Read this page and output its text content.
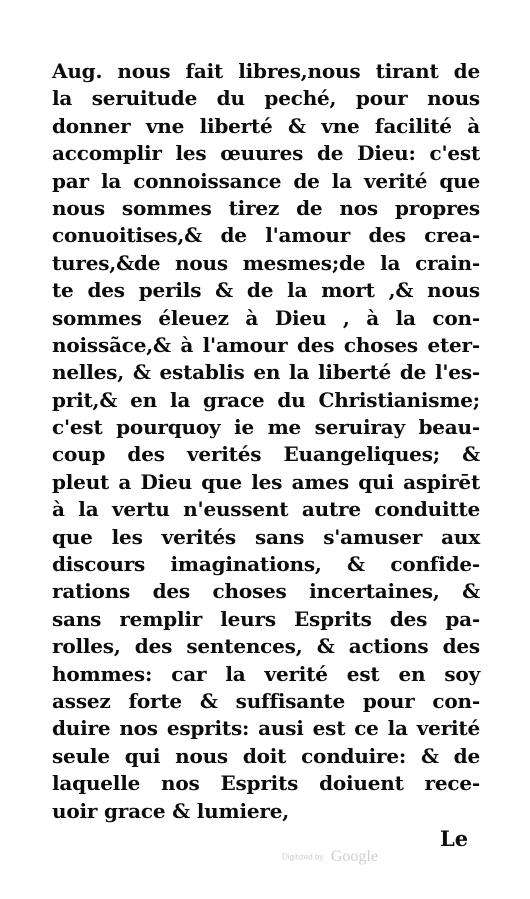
Aug. nous fait libres,nous tirant de
la seruitude du peché, pour nous
donner vne liberté & vne facilité à
accomplir les œuures de Dieu: c'est
par la connoissance de la verité que
nous sommes tirez de nos propres
conuoitises,& de l'amour des crea-
tures,&de nous mesmes;de la crain-
te des perils & de la mort ,& nous
sommes éleuez à Dieu , à la con-
noissãce,& à l'amour des choses eter-
nelles, & establis en la liberté de l'es-
prit,& en la grace du Christianisme;
c'est pourquoy ie me seruiray beau-
coup des verités Euangeliques; &
pleut a Dieu que les ames qui aspirēt
à la vertu n'eussent autre conduitte
que les verités sans s'amuser aux
discours imaginations, & confide-
rations des choses incertaines, &
sans remplir leurs Esprits des pa-
rolles, des sentences, & actions des
hommes: car la verité est en soy
assez forte & suffisante pour con-
duire nos esprits: ausi est ce la verité
seule qui nous doit conduire: & de
laquelle nos Esprits doiuent rece-
uoir grace & lumiere,
Le
Digitized by Google
